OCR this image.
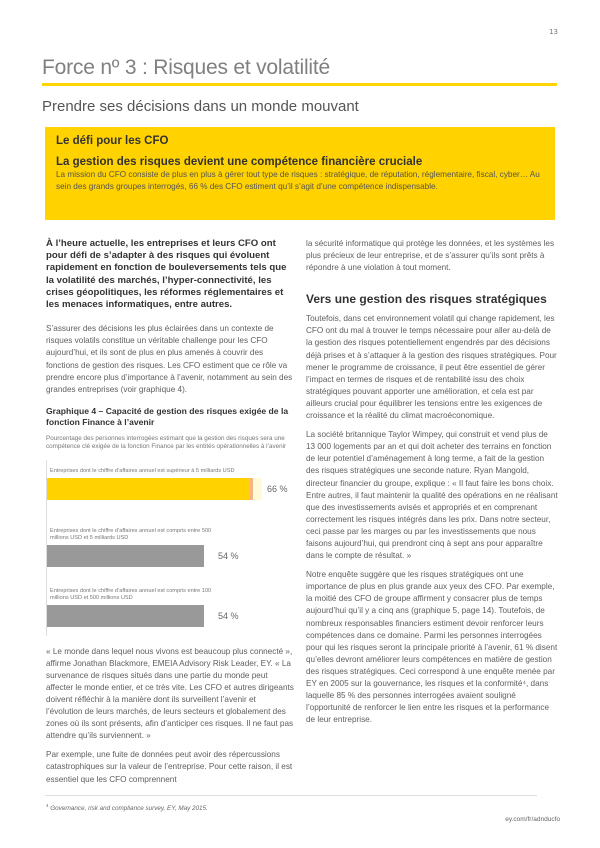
13
Force nº 3 : Risques et volatilité
Prendre ses décisions dans un monde mouvant
Le défi pour les CFO
La gestion des risques devient une compétence financière cruciale
La mission du CFO consiste de plus en plus à gérer tout type de risques : stratégique, de réputation, réglementaire, fiscal, cyber… Au sein des grands groupes interrogés, 66 % des CFO estiment qu’il s’agit d’une compétence indispensable.

À l’heure actuelle, les entreprises et leurs CFO ont pour défi de s’adapter à des risques qui évoluent rapidement en fonction de bouleversements tels que la volatilité des marchés, l’hyper-connectivité, les crises géopolitiques, les réformes réglementaires et les menaces informatiques, entre autres.

S’assurer des décisions les plus éclairées dans un contexte de risques volatils constitue un véritable challenge pour les CFO aujourd’hui, et ils sont de plus en plus amenés à couvrir des fonctions de gestion des risques. Les CFO estiment que ce rôle va prendre encore plus d’importance à l’avenir, notamment au sein des grandes entreprises (voir graphique 4).

Graphique 4 – Capacité de gestion des risques exigée de la fonction Finance à l’avenir
Pourcentage des personnes interrogées estimant que la gestion des risques sera une compétence clé exigée de la fonction Finance par les entités opérationnelles à l’avenir
Entreprises dont le chiffre d’affaires annuel est supérieur à 5 milliards USD
66 %
Entreprises dont le chiffre d’affaires annuel est compris entre 500 millions USD et 5 milliards USD
54 %
Entreprises dont le chiffre d’affaires annuel est compris entre 100 millions USD et 500 millions USD
54 %

« Le monde dans lequel nous vivons est beaucoup plus connecté », affirme Jonathan Blackmore, EMEIA Advisory Risk Leader, EY. « La survenance de risques situés dans une partie du monde peut affecter le monde entier, et ce très vite. Les CFO et autres dirigeants doivent réfléchir à la manière dont ils surveillent l’avenir et l’évolution de leurs marchés, de leurs secteurs et globalement des zones où ils sont présents, afin d’anticiper ces risques. Il ne faut pas attendre qu’ils surviennent. »

Par exemple, une fuite de données peut avoir des répercussions catastrophiques sur la valeur de l’entreprise. Pour cette raison, il est essentiel que les CFO comprennent

la sécurité informatique qui protège les données, et les systèmes les plus précieux de leur entreprise, et de s’assurer qu’ils sont prêts à répondre à une violation à tout moment.

Vers une gestion des risques stratégiques

Toutefois, dans cet environnement volatil qui change rapidement, les CFO ont du mal à trouver le temps nécessaire pour aller au-delà de la gestion des risques potentiellement engendrés par des décisions déjà prises et à s’attaquer à la gestion des risques stratégiques. Pour mener le programme de croissance, il peut être essentiel de gérer l’impact en termes de risques et de rentabilité issu des choix stratégiques pouvant apporter une amélioration, et cela est par ailleurs crucial pour équilibrer les tensions entre les exigences de croissance et la réalité du climat macroéconomique.

La société britannique Taylor Wimpey, qui construit et vend plus de 13 000 logements par an et qui doit acheter des terrains en fonction de leur potentiel d’aménagement à long terme, a fait de la gestion des risques stratégiques une seconde nature. Ryan Mangold, directeur financier du groupe, explique : « Il faut faire les bons choix. Entre autres, il faut maintenir la qualité des opérations en ne réalisant que des investissements avisés et appropriés et en comprenant correctement les risques intégrés dans les prix. Dans notre secteur, ceci passe par les marges ou par les investissements que nous faisons aujourd’hui, qui prendront cinq à sept ans pour apparaître dans le compte de résultat. »

Notre enquête suggère que les risques stratégiques ont une importance de plus en plus grande aux yeux des CFO. Par exemple, la moitié des CFO de groupe affirment y consacrer plus de temps aujourd’hui qu’il y a cinq ans (graphique 5, page 14). Toutefois, de nombreux responsables financiers estiment devoir renforcer leurs compétences dans ce domaine. Parmi les personnes interrogées pour qui les risques seront la principale priorité à l’avenir, 61 % disent qu’elles devront améliorer leurs compétences en matière de gestion des risques stratégiques. Ceci correspond à une enquête menée par EY en 2005 sur la gouvernance, les risques et la conformité⁴, dans laquelle 85 % des personnes interrogées avaient souligné l’opportunité de renforcer le lien entre les risques et la performance de leur entreprise.

$^4$ Governance, risk and compliance survey, EY, May 2015.
ey.com/fr/adnducfo
